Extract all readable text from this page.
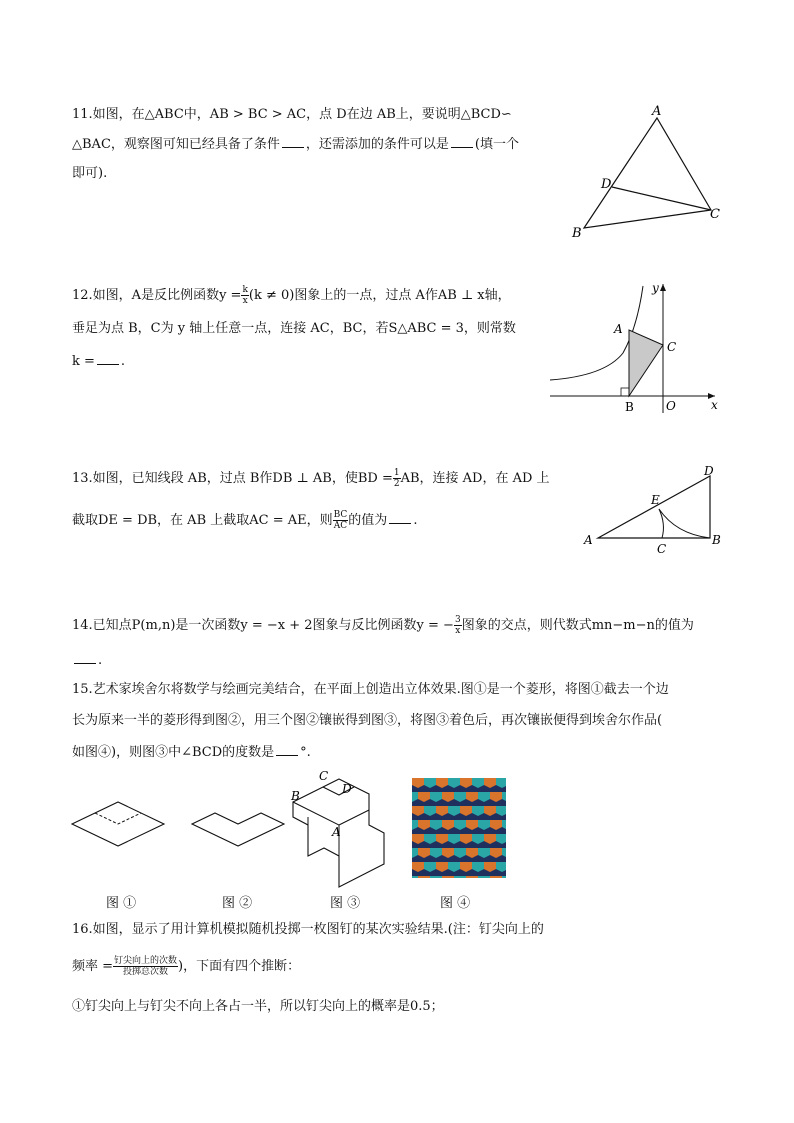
11.如图，在△ABC中，AB > BC > AC，点 D在边 AB上，要说明△BCD∽
△BAC，观察图可知已经具备了条件 ，还需添加的条件可以是 (填一个
即可).
A
B
C
D
12.如图，A是反比例函数$y = \frac{k}{x} (k \ne 0)$图象上的一点，过点 A作AB ⊥ x轴，
垂足为点 B，C为 y 轴上任意一点，连接 AC，BC，若S△ABC = 3，则常数
k = .
y
A
C
B	O	x
13.如图，已知线段 AB，过点 B作DB ⊥ AB，使BD = $\frac{1}{2}$ AB，连接 AD，在 AD 上
截取DE = DB，在 AB 上截取AC = AE，则 $\frac{BC}{AC}$ 的值为 .
D
E
A
C
B
14.已知点P(m,n)是一次函数y = −x + 2图象与反比例函数y = − $\frac{3}{x}$ 图象的交点，则代数式mn−m−n的值为
.
15.艺术家埃舍尔将数学与绘画完美结合，在平面上创造出立体效果.图①是一个菱形，将图①截去一个边
长为原来一半的菱形得到图②，用三个图②镶嵌得到图③，将图③着色后，再次镶嵌便得到埃舍尔作品(
如图④)，则图③中∠BCD的度数是 °.
B
C
D
A
图 ①	图 ②	图 ③	图 ④
16.如图，显示了用计算机模拟随机投掷一枚图钉的某次实验结果.(注：钉尖向上的
频率 = $\frac{\text{钉尖向上的次数}}{\text{投掷总次数}}$ )，下面有四个推断：
①钉尖向上与钉尖不向上各占一半，所以钉尖向上的概率是0.5；
